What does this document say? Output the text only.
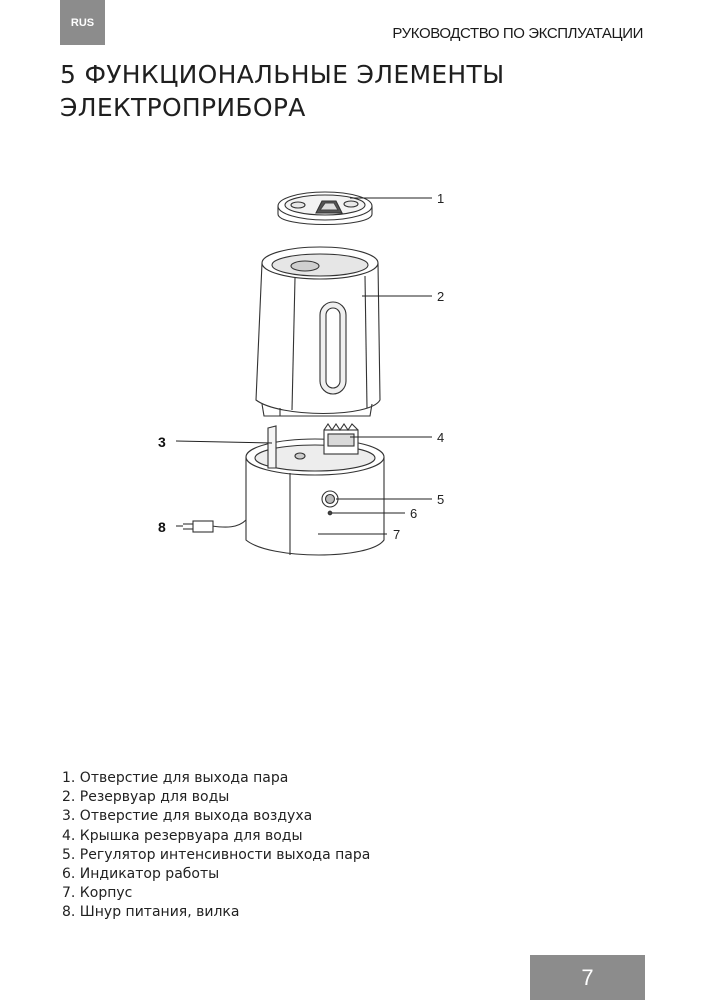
RUS
РУКОВОДСТВО ПО ЭКСПЛУАТАЦИИ
5 ФУНКЦИОНАЛЬНЫЕ ЭЛЕМЕНТЫ
ЭЛЕКТРОПРИБОРА
1
2
3	4
5
6
7
8
1. Отверстие для выхода пара
2. Резервуар для воды
3. Отверстие для выхода воздуха
4. Крышка резервуара для воды
5. Регулятор интенсивности выхода пара
6. Индикатор работы
7. Корпус
8. Шнур питания, вилка
7
